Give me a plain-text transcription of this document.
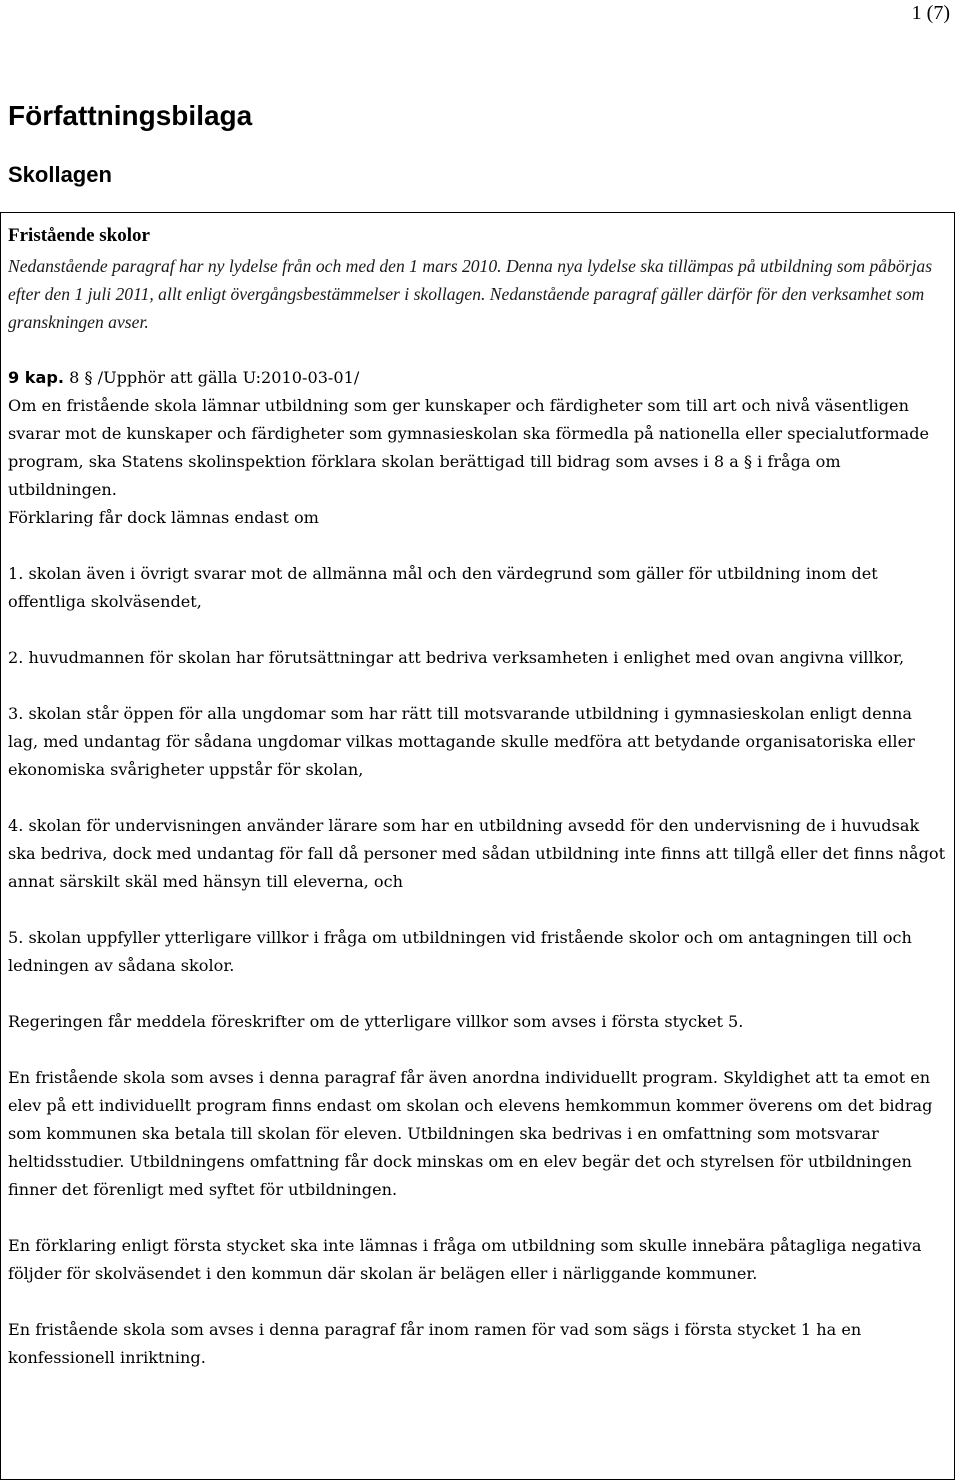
1 (7)
Författningsbilaga
Skollagen
Fristående skolor

Nedanstående paragraf har ny lydelse från och med den 1 mars 2010. Denna nya lydelse ska tillämpas på utbildning som påbörjas efter den 1 juli 2011, allt enligt övergångsbestämmelser i skollagen. Nedanstående paragraf gäller därför för den verksamhet som granskningen avser.

9 kap. 8 § /Upphör att gälla U:2010-03-01/

Om en fristående skola lämnar utbildning som ger kunskaper och färdigheter som till art och nivå väsentligen svarar mot de kunskaper och färdigheter som gymnasieskolan ska förmedla på nationella eller specialutformade program, ska Statens skolinspektion förklara skolan berättigad till bidrag som avses i 8 a § i fråga om utbildningen.

Förklaring får dock lämnas endast om

1. skolan även i övrigt svarar mot de allmänna mål och den värdegrund som gäller för utbildning inom det offentliga skolväsendet,

2. huvudmannen för skolan har förutsättningar att bedriva verksamheten i enlighet med ovan angivna villkor,

3. skolan står öppen för alla ungdomar som har rätt till motsvarande utbildning i gymnasieskolan enligt denna lag, med undantag för sådana ungdomar vilkas mottagande skulle medföra att betydande organisatoriska eller ekonomiska svårigheter uppstår för skolan,

4. skolan för undervisningen använder lärare som har en utbildning avsedd för den undervisning de i huvudsak ska bedriva, dock med undantag för fall då personer med sådan utbildning inte finns att tillgå eller det finns något annat särskilt skäl med hänsyn till eleverna, och

5. skolan uppfyller ytterligare villkor i fråga om utbildningen vid fristående skolor och om antagningen till och ledningen av sådana skolor.

Regeringen får meddela föreskrifter om de ytterligare villkor som avses i första stycket 5.

En fristående skola som avses i denna paragraf får även anordna individuellt program. Skyldighet att ta emot en elev på ett individuellt program finns endast om skolan och elevens hemkommun kommer överens om det bidrag som kommunen ska betala till skolan för eleven. Utbildningen ska bedrivas i en omfattning som motsvarar heltidsstudier. Utbildningens omfattning får dock minskas om en elev begär det och styrelsen för utbildningen finner det förenligt med syftet för utbildningen.

En förklaring enligt första stycket ska inte lämnas i fråga om utbildning som skulle innebära påtagliga negativa följder för skolväsendet i den kommun där skolan är belägen eller i närliggande kommuner.

En fristående skola som avses i denna paragraf får inom ramen för vad som sägs i första stycket 1 ha en konfessionell inriktning.
